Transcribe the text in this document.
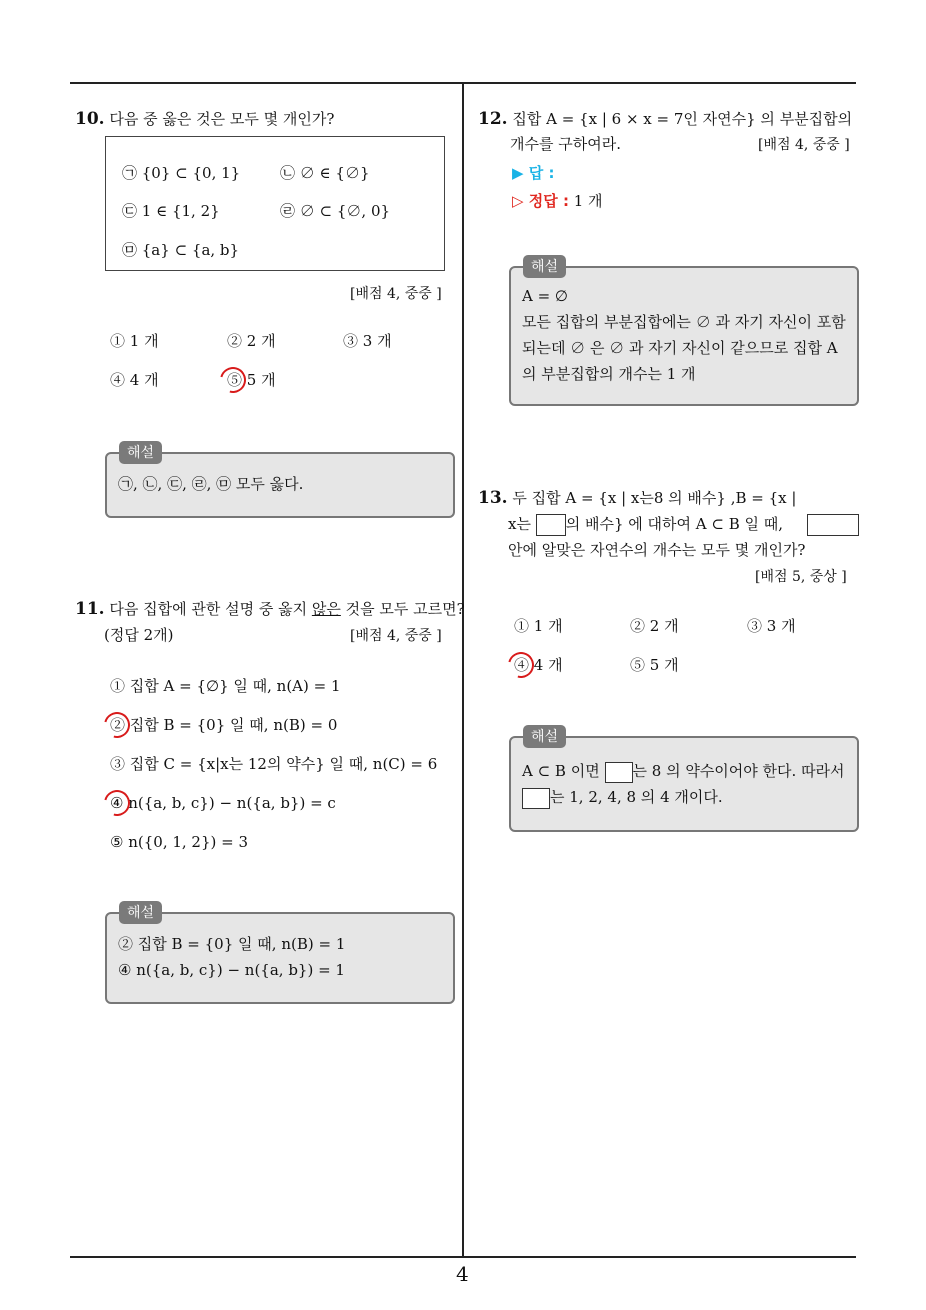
4
10. 다음 중 옳은 것은 모두 몇 개인가?
㉠ {0} ⊂ {0, 1}	㉡ ∅ ∈ {∅}
㉢ 1 ∈ {1, 2}	㉣ ∅ ⊂ {∅, 0}
㉤ {a} ⊂ {a, b}
[배점 4, 중중 ]
① 1 개	② 2 개	③ 3 개
④ 4 개	⑤ 5 개
해설
㉠, ㉡, ㉢, ㉣, ㉤ 모두 옳다.
11. 다음 집합에 관한 설명 중 옳지 않은 것을 모두 고르면?
(정답 2개)	[배점 4, 중중 ]
① 집합 A = {∅} 일 때, n(A) = 1
② 집합 B = {0} 일 때, n(B) = 0
③ 집합 C = {x|x는 12의 약수} 일 때, n(C) = 6
④ n({a, b, c}) − n({a, b}) = c
⑤ n({0, 1, 2}) = 3
해설
② 집합 B = {0} 일 때, n(B) = 1
④ n({a, b, c}) − n({a, b}) = 1
12. 집합 A = {x | 6 × x = 7인 자연수} 의 부분집합의
개수를 구하여라.	[배점 4, 중중 ]
▶ 답 :
▷ 정답 : 1 개
해설
A = ∅
모든 집합의 부분집합에는 ∅ 과 자기 자신이 포함
되는데 ∅ 은 ∅ 과 자기 자신이 같으므로 집합 A
의 부분집합의 개수는 1 개
13. 두 집합 A = {x | x는8 의 배수} ,B = {x |
x는 의 배수} 에 대하여 A ⊂ B 일 때,
안에 알맞은 자연수의 개수는 모두 몇 개인가?
[배점 5, 중상 ]
① 1 개	② 2 개	③ 3 개
④ 4 개	⑤ 5 개
해설
A ⊂ B 이면 는 8 의 약수이어야 한다. 따라서
는 1, 2, 4, 8 의 4 개이다.
